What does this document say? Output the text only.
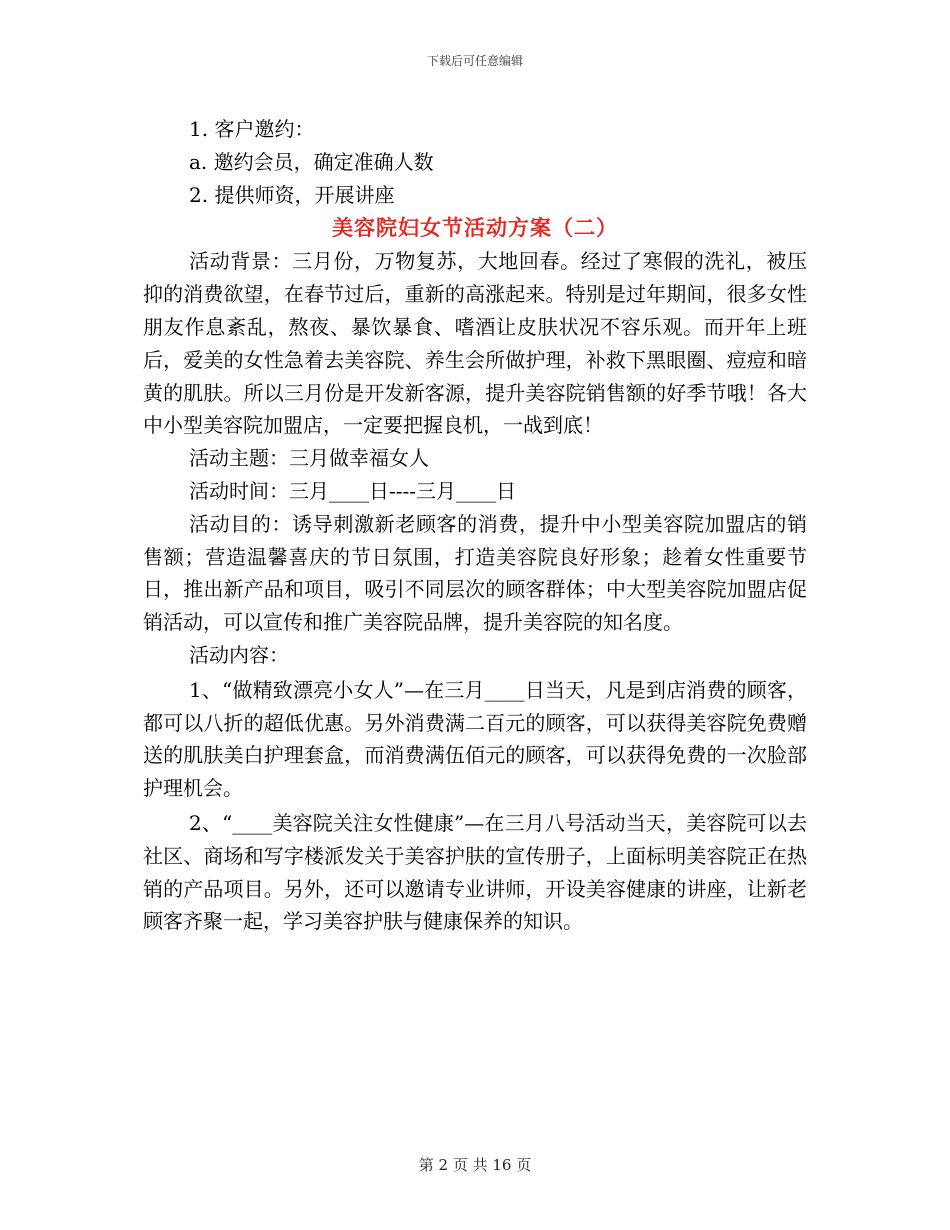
下载后可任意编辑
1. 客户邀约：
a. 邀约会员，确定准确人数
2. 提供师资，开展讲座
美容院妇女节活动方案（二）

活动背景：三月份，万物复苏，大地回春。经过了寒假的洗礼，被压抑的消费欲望，在春节过后，重新的高涨起来。特别是过年期间，很多女性朋友作息紊乱，熬夜、暴饮暴食、嗜酒让皮肤状况不容乐观。而开年上班后，爱美的女性急着去美容院、养生会所做护理，补救下黑眼圈、痘痘和暗黄的肌肤。所以三月份是开发新客源，提升美容院销售额的好季节哦！各大中小型美容院加盟店，一定要把握良机，一战到底！

活动主题：三月做幸福女人

活动时间：三月____日----三月____日

活动目的：诱导刺激新老顾客的消费，提升中小型美容院加盟店的销售额；营造温馨喜庆的节日氛围，打造美容院良好形象；趁着女性重要节日，推出新产品和项目，吸引不同层次的顾客群体；中大型美容院加盟店促销活动，可以宣传和推广美容院品牌，提升美容院的知名度。

活动内容：

1、“做精致漂亮小女人”—在三月____日当天，凡是到店消费的顾客，都可以八折的超低优惠。另外消费满二百元的顾客，可以获得美容院免费赠送的肌肤美白护理套盒，而消费满伍佰元的顾客，可以获得免费的一次脸部护理机会。

2、“____美容院关注女性健康”—在三月八号活动当天，美容院可以去社区、商场和写字楼派发关于美容护肤的宣传册子，上面标明美容院正在热销的产品项目。另外，还可以邀请专业讲师，开设美容健康的讲座，让新老顾客齐聚一起，学习美容护肤与健康保养的知识。

第 2 页 共 16 页
